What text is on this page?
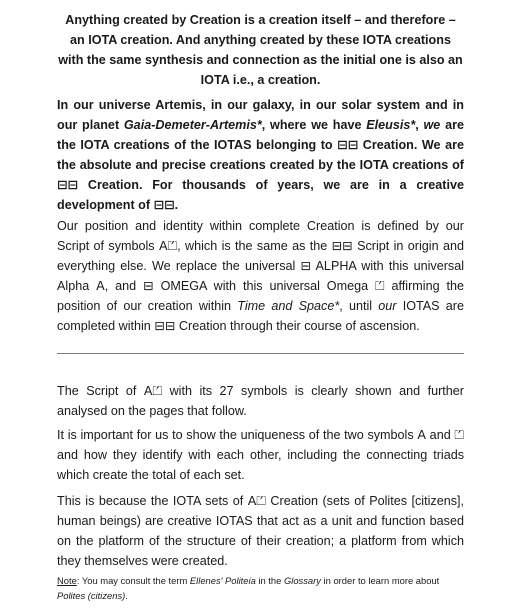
Anything created by Creation is a creation itself – and therefore – an IOTA creation. And anything created by these IOTA creations with the same synthesis and connection as the initial one is also an IOTA i.e., a creation.

In our universe Artemis, in our galaxy, in our solar system and in our planet Gaia-Demeter-Artemis*, where we have Eleusis*, we are the IOTA creations of the IOTAS belonging to ⊟⊟ Creation. We are the absolute and precise creations created by the IOTA creations of ⊟⊟ Creation. For thousands of years, we are in a creative development of ⊟⊟.

Our position and identity within complete Creation is defined by our Script of symbols A⏍, which is the same as the ⊟⊟ Script in origin and everything else. We replace the universal ⊟ ALPHA with this universal Alpha A, and ⊟ OMEGA with this universal Omega ⏍ affirming the position of our creation within Time and Space*, until our IOTAS are completed within ⊟⊟ Creation through their course of ascension.

The Script of A⏍ with its 27 symbols is clearly shown and further analysed on the pages that follow.

It is important for us to show the uniqueness of the two symbols A and ⏍ and how they identify with each other, including the connecting triads which create the total of each set.

This is because the IOTA sets of A⏍ Creation (sets of Polites [citizens], human beings) are creative IOTAS that act as a unit and function based on the platform of the structure of their creation; a platform from which they themselves were created.

Note: You may consult the term Ellenes' Politeia in the Glossary in order to learn more about Polites (citizens).
